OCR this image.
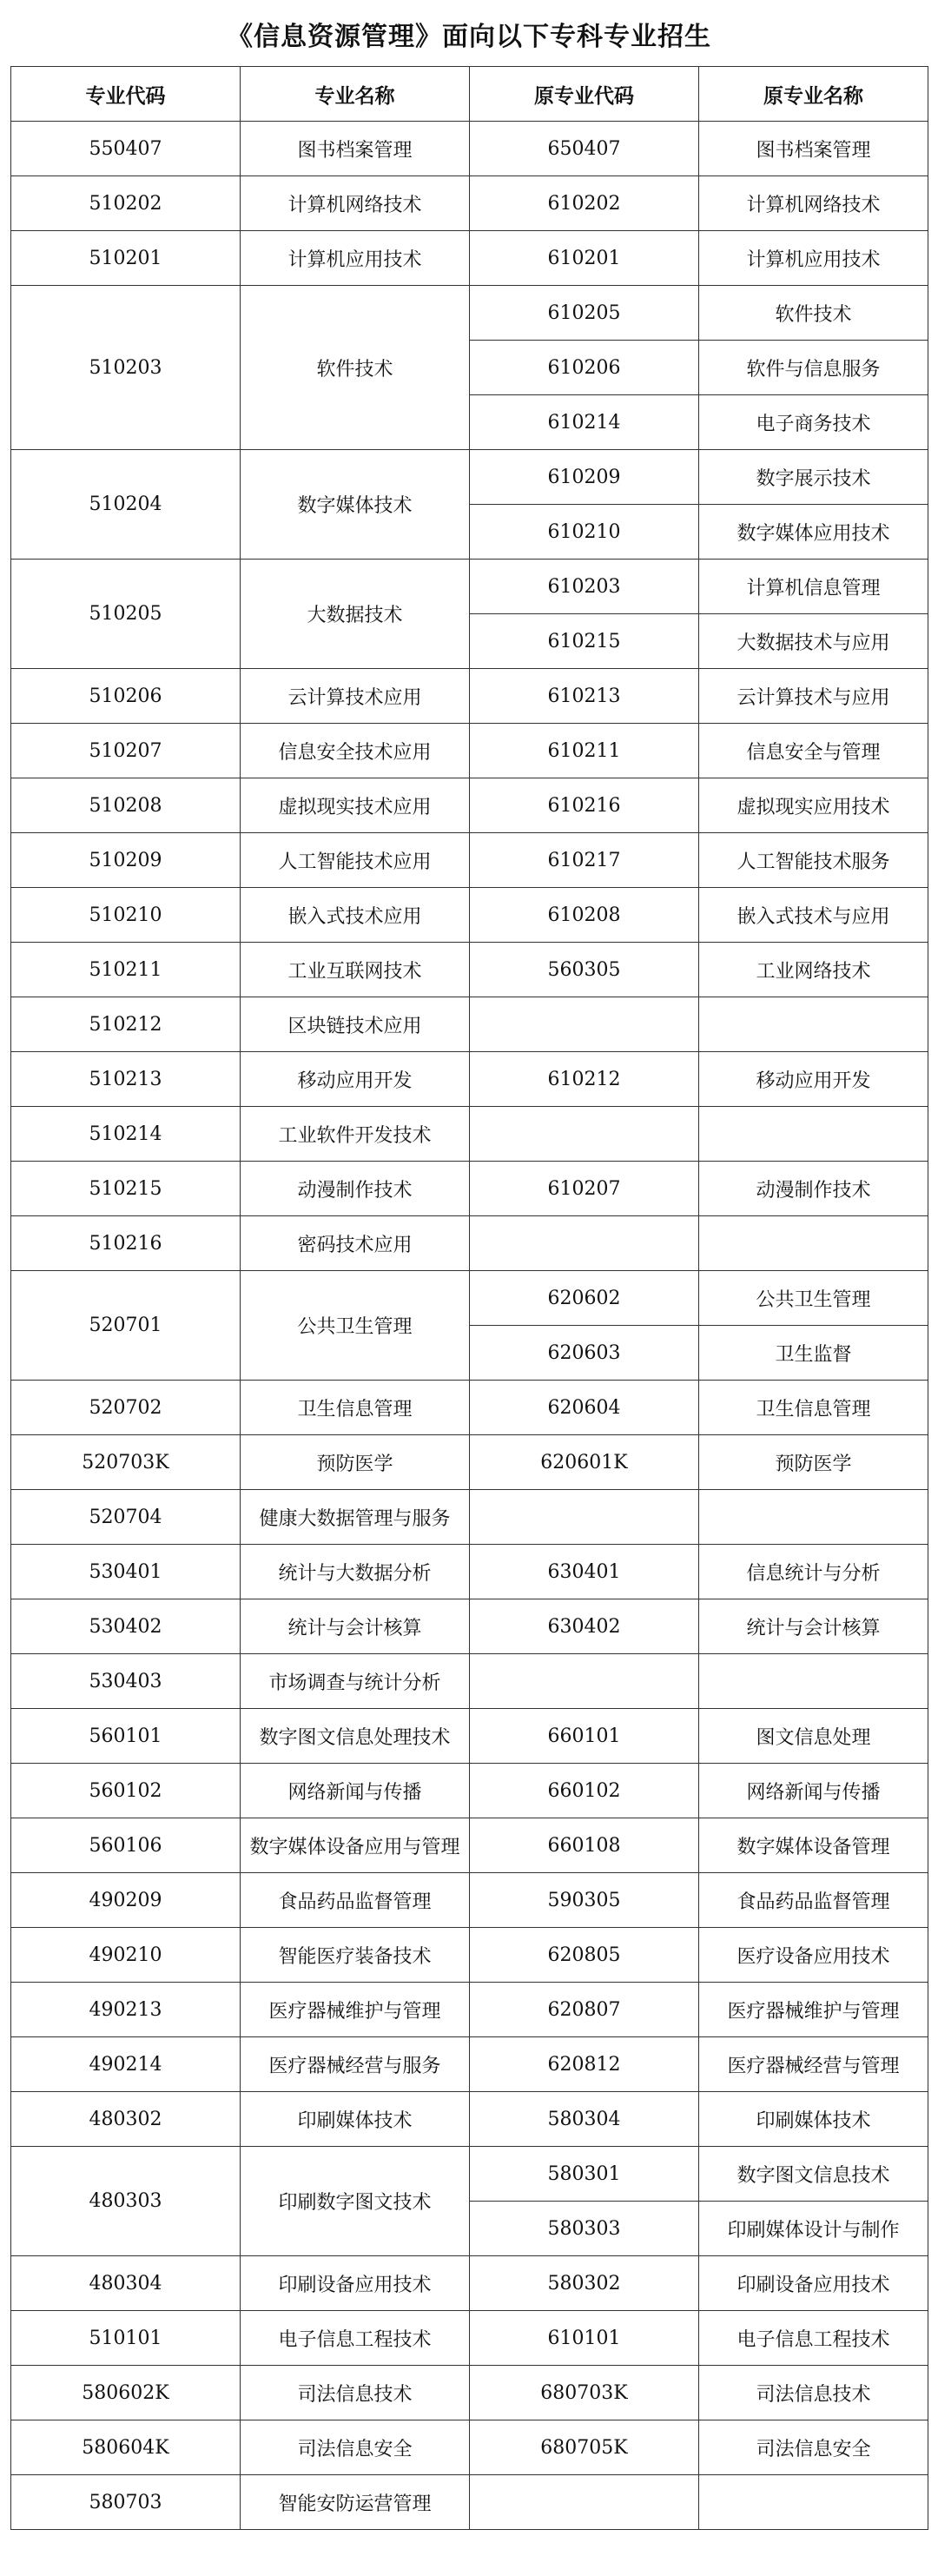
《信息资源管理》面向以下专科专业招生
专业代码	专业名称	原专业代码	原专业名称
550407	图书档案管理	650407	图书档案管理
510202	计算机网络技术	610202	计算机网络技术
510201	计算机应用技术	610201	计算机应用技术
510203	软件技术	610205	软件技术
		610206	软件与信息服务
		610214	电子商务技术
510204	数字媒体技术	610209	数字展示技术
		610210	数字媒体应用技术
510205	大数据技术	610203	计算机信息管理
		610215	大数据技术与应用
510206	云计算技术应用	610213	云计算技术与应用
510207	信息安全技术应用	610211	信息安全与管理
510208	虚拟现实技术应用	610216	虚拟现实应用技术
510209	人工智能技术应用	610217	人工智能技术服务
510210	嵌入式技术应用	610208	嵌入式技术与应用
510211	工业互联网技术	560305	工业网络技术
510212	区块链技术应用		
510213	移动应用开发	610212	移动应用开发
510214	工业软件开发技术		
510215	动漫制作技术	610207	动漫制作技术
510216	密码技术应用		
520701	公共卫生管理	620602	公共卫生管理
		620603	卫生监督
520702	卫生信息管理	620604	卫生信息管理
520703K	预防医学	620601K	预防医学
520704	健康大数据管理与服务		
530401	统计与大数据分析	630401	信息统计与分析
530402	统计与会计核算	630402	统计与会计核算
530403	市场调查与统计分析		
560101	数字图文信息处理技术	660101	图文信息处理
560102	网络新闻与传播	660102	网络新闻与传播
560106	数字媒体设备应用与管理	660108	数字媒体设备管理
490209	食品药品监督管理	590305	食品药品监督管理
490210	智能医疗装备技术	620805	医疗设备应用技术
490213	医疗器械维护与管理	620807	医疗器械维护与管理
490214	医疗器械经营与服务	620812	医疗器械经营与管理
480302	印刷媒体技术	580304	印刷媒体技术
480303	印刷数字图文技术	580301	数字图文信息技术
		580303	印刷媒体设计与制作
480304	印刷设备应用技术	580302	印刷设备应用技术
510101	电子信息工程技术	610101	电子信息工程技术
580602K	司法信息技术	680703K	司法信息技术
580604K	司法信息安全	680705K	司法信息安全
580703	智能安防运营管理		
